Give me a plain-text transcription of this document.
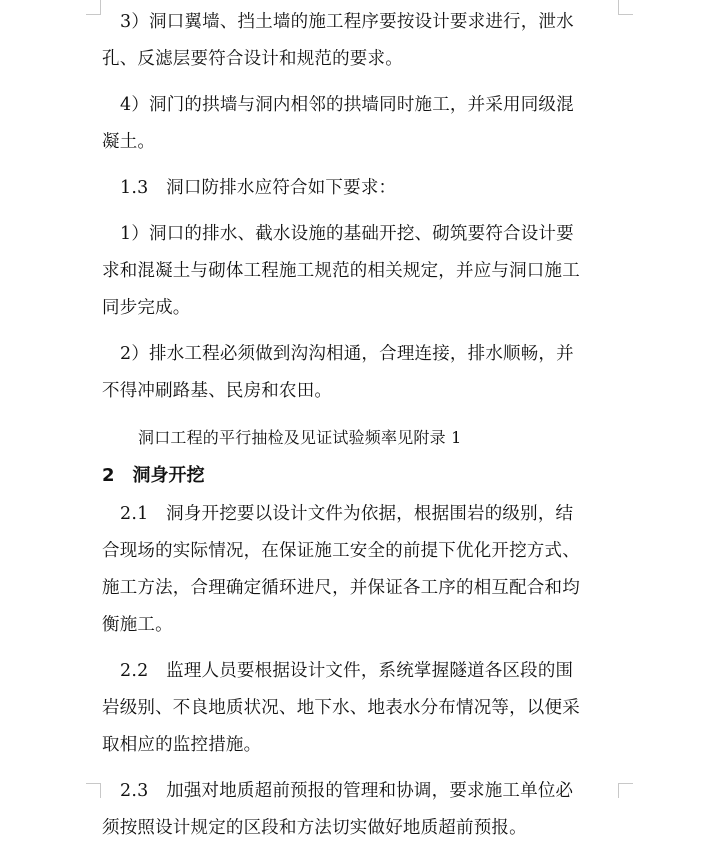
3）洞口翼墙、挡土墙的施工程序要按设计要求进行，泄水

孔、反滤层要符合设计和规范的要求。

4）洞门的拱墙与洞内相邻的拱墙同时施工，并采用同级混

凝土。

1.3　洞口防排水应符合如下要求：

1）洞口的排水、截水设施的基础开挖、砌筑要符合设计要

求和混凝土与砌体工程施工规范的相关规定，并应与洞口施工

同步完成。

2）排水工程必须做到沟沟相通，合理连接，排水顺畅，并

不得冲刷路基、民房和农田。

洞口工程的平行抽检及见证试验频率见附录 1

2　洞身开挖

2.1　洞身开挖要以设计文件为依据，根据围岩的级别，结

合现场的实际情况，在保证施工安全的前提下优化开挖方式、

施工方法，合理确定循环进尺，并保证各工序的相互配合和均

衡施工。

2.2　监理人员要根据设计文件，系统掌握隧道各区段的围

岩级别、不良地质状况、地下水、地表水分布情况等，以便采

取相应的监控措施。

2.3　加强对地质超前预报的管理和协调，要求施工单位必

须按照设计规定的区段和方法切实做好地质超前预报。
